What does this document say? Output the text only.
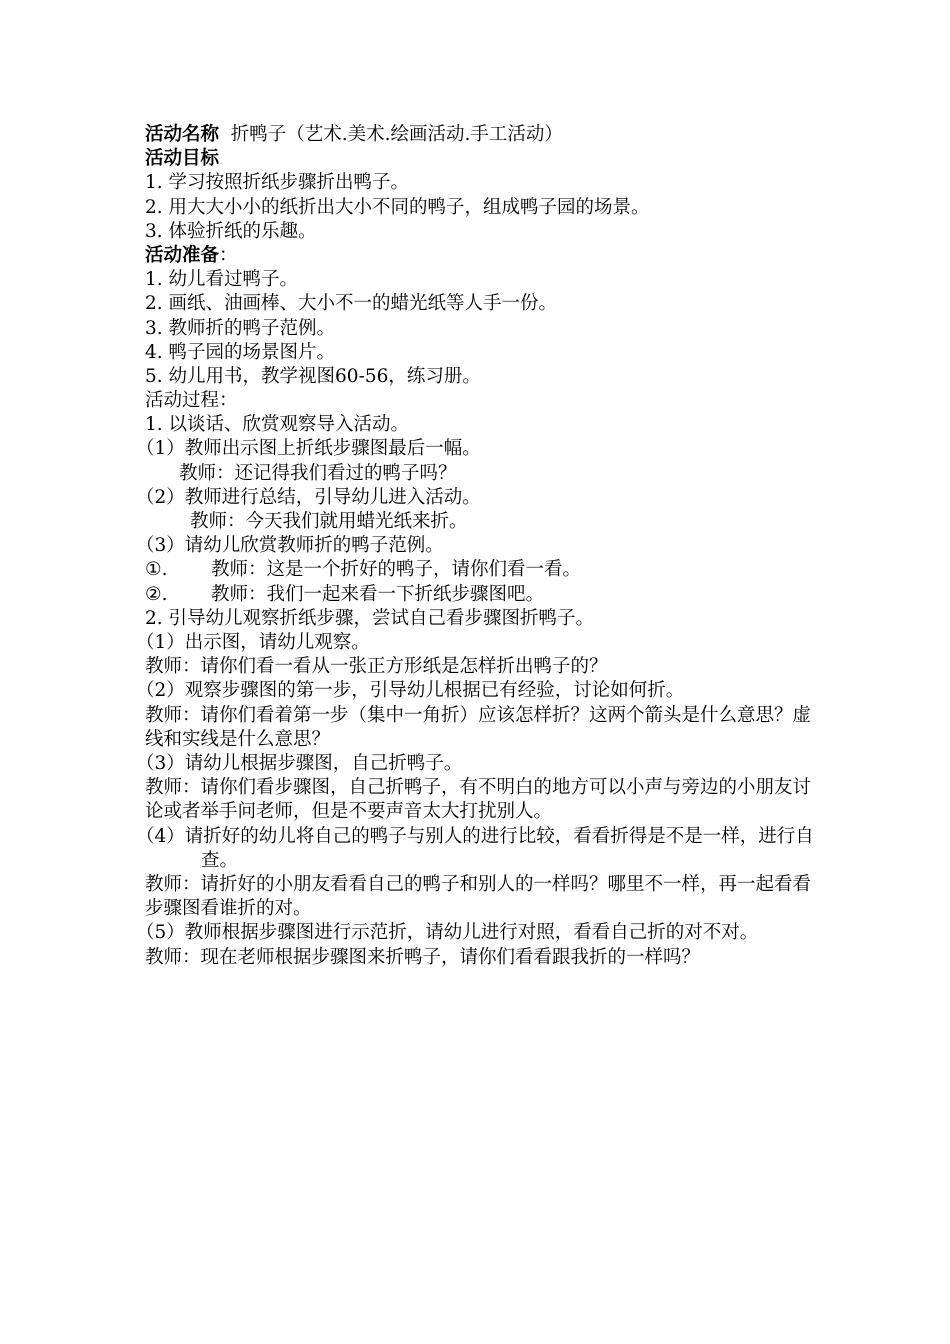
活动名称 折鸭子（艺术.美术.绘画活动.手工活动）
活动目标
1. 学习按照折纸步骤折出鸭子。
2. 用大大小小的纸折出大小不同的鸭子，组成鸭子园的场景。
3. 体验折纸的乐趣。
活动准备：
1. 幼儿看过鸭子。
2. 画纸、油画棒、大小不一的蜡光纸等人手一份。
3. 教师折的鸭子范例。
4. 鸭子园的场景图片。
5. 幼儿用书，教学视图60-56，练习册。
活动过程：
1. 以谈话、欣赏观察导入活动。
（1）教师出示图上折纸步骤图最后一幅。
教师：还记得我们看过的鸭子吗？
（2）教师进行总结，引导幼儿进入活动。
教师：今天我们就用蜡光纸来折。
（3）请幼儿欣赏教师折的鸭子范例。
①. 教师：这是一个折好的鸭子，请你们看一看。
②. 教师：我们一起来看一下折纸步骤图吧。
2. 引导幼儿观察折纸步骤，尝试自己看步骤图折鸭子。
（1）出示图，请幼儿观察。
教师：请你们看一看从一张正方形纸是怎样折出鸭子的？
（2）观察步骤图的第一步，引导幼儿根据已有经验，讨论如何折。
教师：请你们看着第一步（集中一角折）应该怎样折？这两个箭头是什么意思？虚线和实线是什么意思？
（3）请幼儿根据步骤图，自己折鸭子。
教师：请你们看步骤图，自己折鸭子，有不明白的地方可以小声与旁边的小朋友讨论或者举手问老师，但是不要声音太大打扰别人。
（4）请折好的幼儿将自己的鸭子与别人的进行比较，看看折得是不是一样，进行自查。
教师：请折好的小朋友看看自己的鸭子和别人的一样吗？哪里不一样，再一起看看步骤图看谁折的对。
（5）教师根据步骤图进行示范折，请幼儿进行对照，看看自己折的对不对。
教师：现在老师根据步骤图来折鸭子，请你们看看跟我折的一样吗？
